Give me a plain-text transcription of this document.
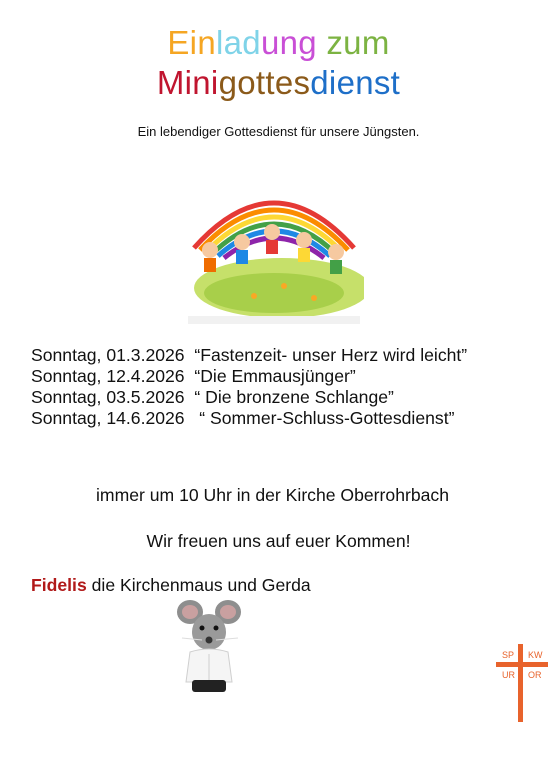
Einladung zum
Minigottesdienst
Ein lebendiger Gottesdienst für unsere Jüngsten.
Sonntag, 01.3.2026  “Fastenzeit- unser Herz wird leicht”
Sonntag, 12.4.2026  “Die Emmausjünger”
Sonntag, 03.5.2026  “ Die bronzene Schlange”
Sonntag, 14.6.2026   “ Sommer-Schluss-Gottesdienst”
immer um 10 Uhr in der Kirche Oberrohrbach
Wir freuen uns auf euer Kommen!
Fidelis die Kirchenmaus und Gerda
SP KW
UR OR
